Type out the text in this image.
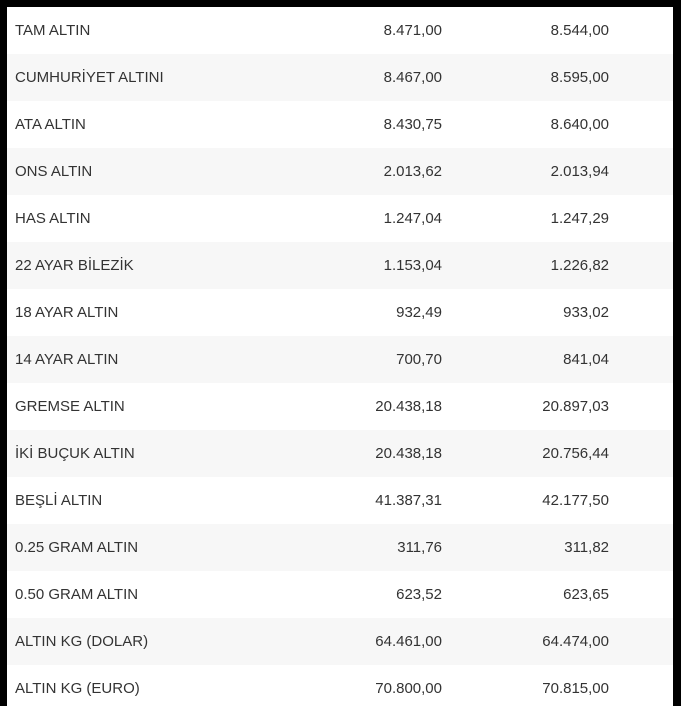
TAM ALTIN	8.471,00	8.544,00	
CUMHURİYET ALTINI	8.467,00	8.595,00	
ATA ALTIN	8.430,75	8.640,00	
ONS ALTIN	2.013,62	2.013,94	
HAS ALTIN	1.247,04	1.247,29	
22 AYAR BİLEZİK	1.153,04	1.226,82	
18 AYAR ALTIN	932,49	933,02	
14 AYAR ALTIN	700,70	841,04	
GREMSE ALTIN	20.438,18	20.897,03	
İKİ BUÇUK ALTIN	20.438,18	20.756,44	
BEŞLİ ALTIN	41.387,31	42.177,50	
0.25 GRAM ALTIN	311,76	311,82	
0.50 GRAM ALTIN	623,52	623,65	
ALTIN KG (DOLAR)	64.461,00	64.474,00	
ALTIN KG (EURO)	70.800,00	70.815,00	
